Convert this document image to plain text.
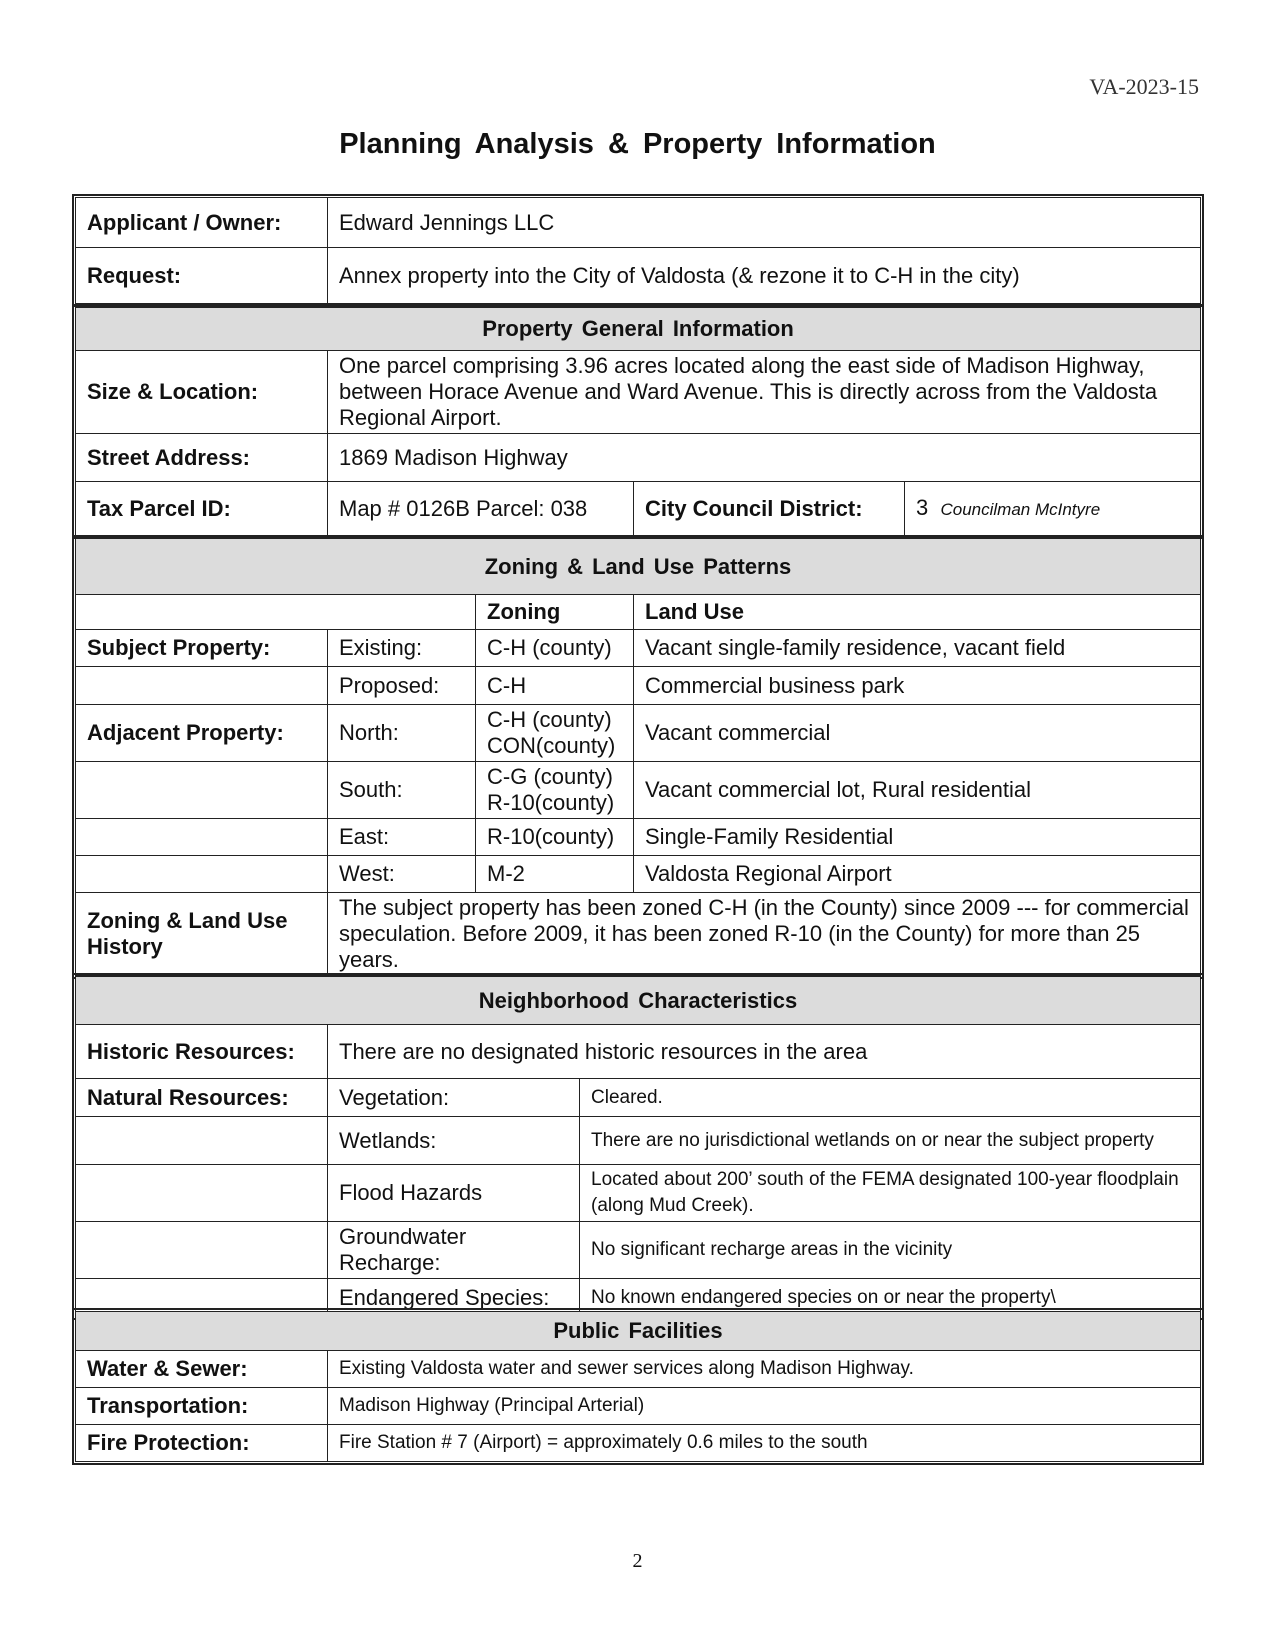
VA-2023-15
Planning Analysis & Property Information
Applicant / Owner:	Edward Jennings LLC
Request:	Annex property into the City of Valdosta (& rezone it to C-H in the city)
Property General Information			
Size & Location:	One parcel comprising 3.96 acres located along the east side of Madison Highway, between Horace Avenue and Ward Avenue. This is directly across from the Valdosta Regional Airport.		
Street Address:	1869 Madison Highway		
Tax Parcel ID:	Map # 0126B Parcel: 038	City Council District:	3 Councilman McIntyre
Zoning & Land Use Patterns			
		Zoning	Land Use
Subject Property:	Existing:	C-H (county)	Vacant single-family residence, vacant field
	Proposed:	C-H	Commercial business park
Adjacent Property:	North:	C-H (county) CON(county)	Vacant commercial
	South:	C-G (county) R-10(county)	Vacant commercial lot, Rural residential
	East:	R-10(county)	Single-Family Residential
	West:	M-2	Valdosta Regional Airport
Zoning & Land Use History	The subject property has been zoned C-H (in the County) since 2009 --- for commercial speculation. Before 2009, it has been zoned R-10 (in the County) for more than 25 years.		
Neighborhood Characteristics		
Historic Resources:	There are no designated historic resources in the area	
Natural Resources:	Vegetation:	Cleared.
	Wetlands:	There are no jurisdictional wetlands on or near the subject property
	Flood Hazards	Located about 200’ south of the FEMA designated 100-year floodplain (along Mud Creek).
	Groundwater Recharge:	No significant recharge areas in the vicinity
	Endangered Species:	No known endangered species on or near the property\
Public Facilities	
Water & Sewer:	Existing Valdosta water and sewer services along Madison Highway.
Transportation:	Madison Highway (Principal Arterial)
Fire Protection:	Fire Station # 7 (Airport) = approximately 0.6 miles to the south
2
